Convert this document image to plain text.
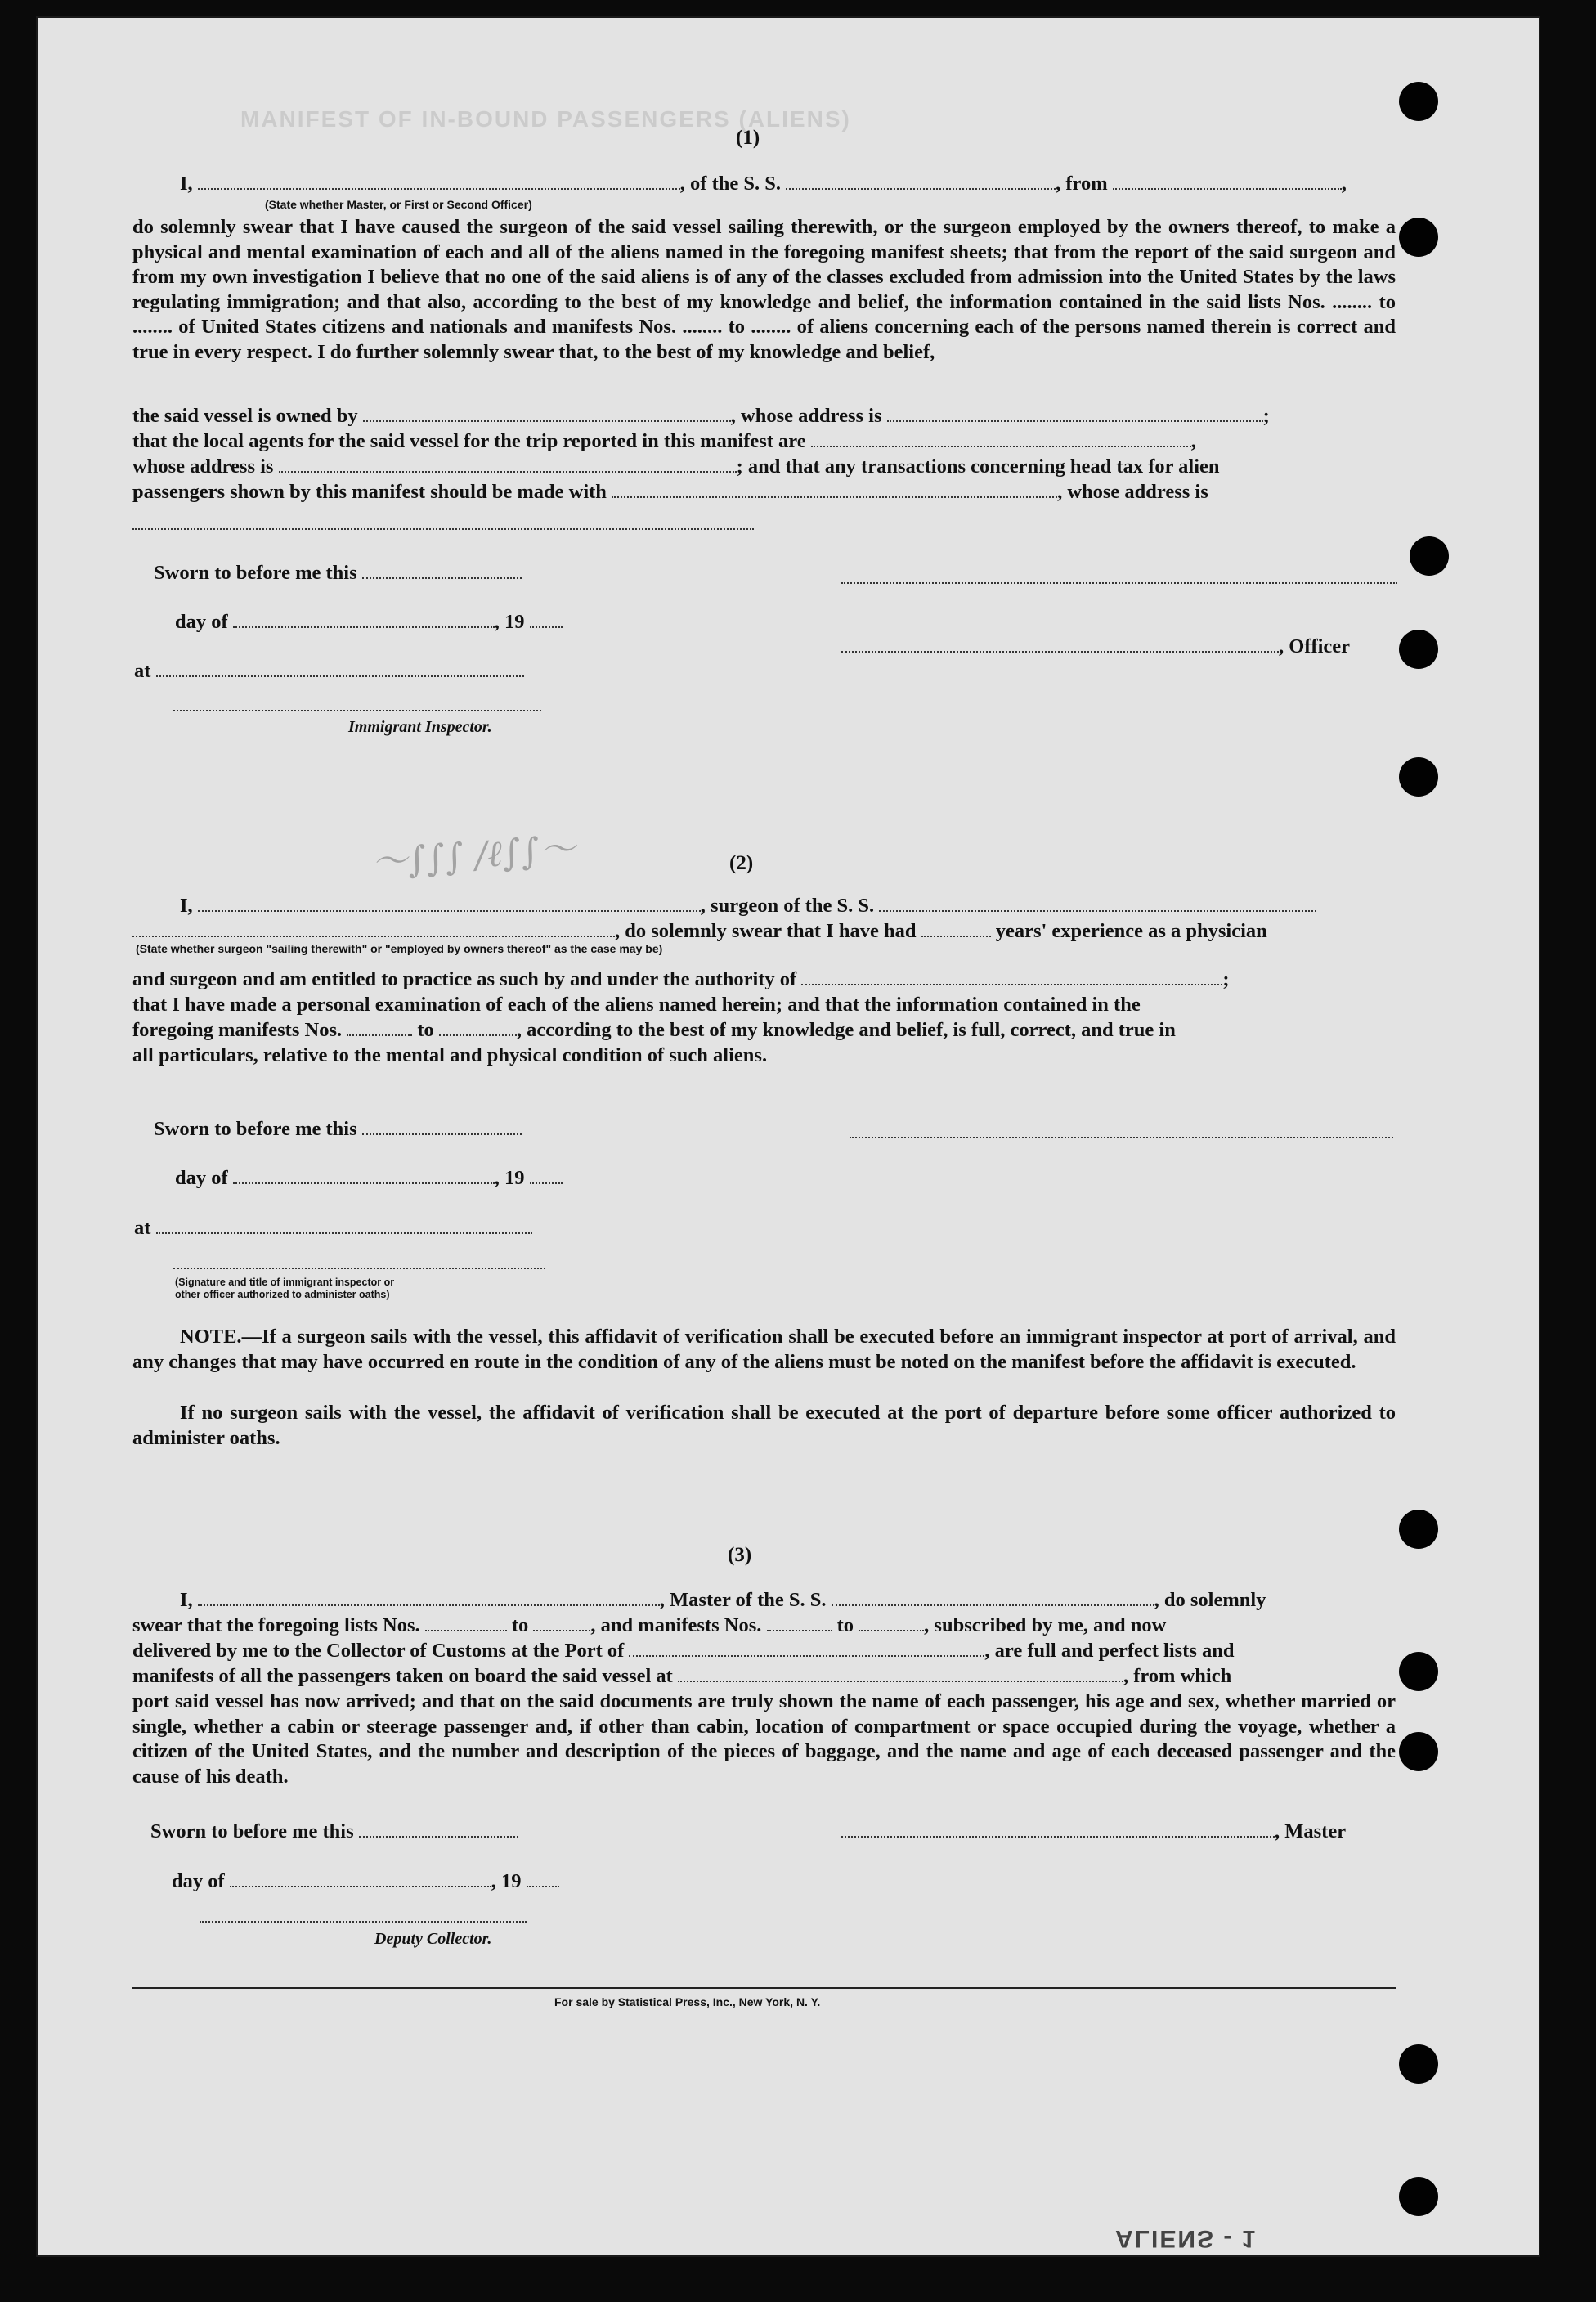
MANIFEST OF IN-BOUND PASSENGERS (ALIENS)
ALIENS - 1
(1)
I,	, of the S. S.	, from	,
(State whether Master, or First or Second Officer)
do solemnly swear that I have caused the surgeon of the said vessel sailing therewith, or the surgeon employed by the owners thereof, to make a physical and mental examination of each and all of the aliens named in the foregoing manifest sheets; that from the report of the said surgeon and from my own investigation I believe that no one of the said aliens is of any of the classes excluded from admission into the United States by the laws regulating immigration; and that also, according to the best of my knowledge and belief, the information contained in the said lists Nos. ........ to ........ of United States citizens and nationals and manifests Nos. ........ to ........ of aliens concerning each of the persons named therein is correct and true in every respect. I do further solemnly swear that, to the best of my knowledge and belief,
the said vessel is owned by	, whose address is	;
that the local agents for the said vessel for the trip reported in this manifest are	,
whose address is	; and that any transactions concerning head tax for alien
passengers shown by this manifest should be made with	, whose address is
Sworn to before me this
day of	, 19
, Officer
at
Immigrant Inspector.
〜∫∫∫ /ℓ∫∫〜	(2)
I,	, surgeon of the S. S.
, do solemnly swear that I have had	years' experience as a physician
(State whether surgeon "sailing therewith" or "employed by owners thereof" as the case may be)
and surgeon and am entitled to practice as such by and under the authority of	;
that I have made a personal examination of each of the aliens named herein; and that the information contained in the
foregoing manifests Nos.	to	, according to the best of my knowledge and belief, is full, correct, and true in
all particulars, relative to the mental and physical condition of such aliens.
Sworn to before me this
day of	, 19
at
(Signature and title of immigrant inspector or
other officer authorized to administer oaths)
NOTE.—If a surgeon sails with the vessel, this affidavit of verification shall be executed before an immigrant inspector at port of arrival, and any changes that may have occurred en route in the condition of any of the aliens must be noted on the manifest before the affidavit is executed.
If no surgeon sails with the vessel, the affidavit of verification shall be executed at the port of departure before some officer authorized to administer oaths.
(3)
I,	, Master of the S. S.	, do solemnly
swear that the foregoing lists Nos.	to	, and manifests Nos.	to	, subscribed by me, and now
delivered by me to the Collector of Customs at the Port of	, are full and perfect lists and
manifests of all the passengers taken on board the said vessel at	, from which
port said vessel has now arrived; and that on the said documents are truly shown the name of each passenger, his age and sex, whether married or single, whether a cabin or steerage passenger and, if other than cabin, location of compartment or space occupied during the voyage, whether a citizen of the United States, and the number and description of the pieces of baggage, and the name and age of each deceased passenger and the cause of his death.
Sworn to before me this	, Master
day of	, 19
Deputy Collector.
For sale by Statistical Press, Inc., New York, N. Y.
